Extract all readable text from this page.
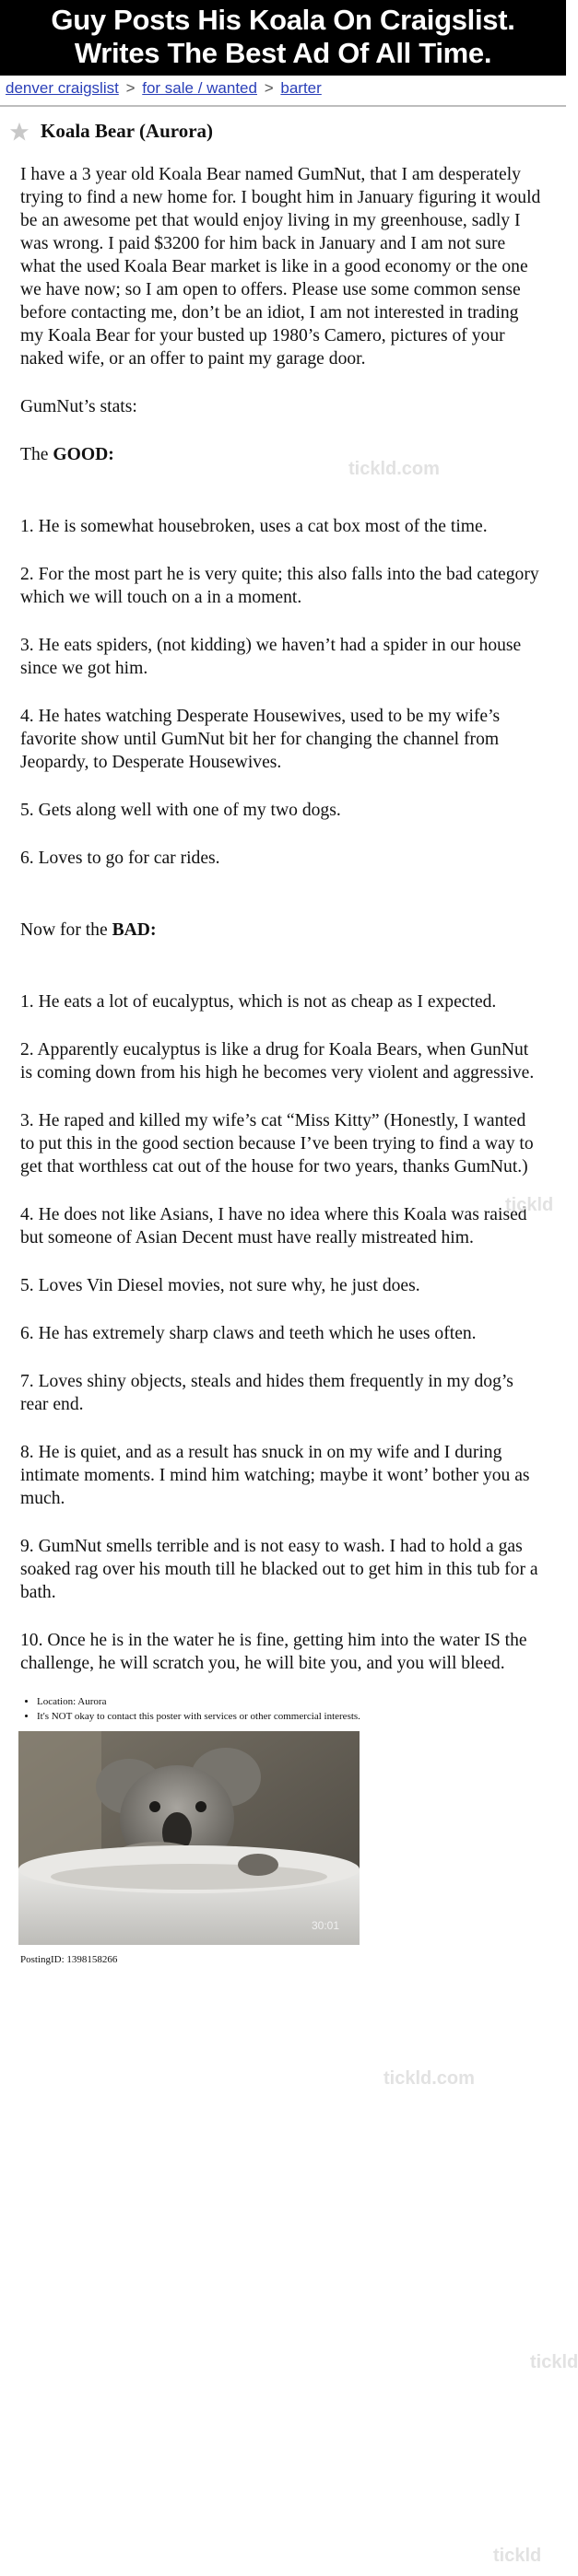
Guy Posts His Koala On Craigslist.
Writes The Best Ad Of All Time.
denver craigslist > for sale / wanted > barter
Koala Bear (Aurora)

I have a 3 year old Koala Bear named GumNut, that I am desperately trying to find a new home for. I bought him in January figuring it would be an awesome pet that would enjoy living in my greenhouse, sadly I was wrong. I paid $3200 for him back in January and I am not sure what the used Koala Bear market is like in a good economy or the one we have now; so I am open to offers. Please use some common sense before contacting me, don’t be an idiot, I am not interested in trading my Koala Bear for your busted up 1980’s Camero, pictures of your naked wife, or an offer to paint my garage door.

GumNut’s stats:

The GOOD:

1. He is somewhat housebroken, uses a cat box most of the time.

2. For the most part he is very quite; this also falls into the bad category which we will touch on a in a moment.

3. He eats spiders, (not kidding) we haven’t had a spider in our house since we got him.

4. He hates watching Desperate Housewives, used to be my wife’s favorite show until GumNut bit her for changing the channel from Jeopardy, to Desperate Housewives.

5. Gets along well with one of my two dogs.

6. Loves to go for car rides.

Now for the BAD:

1. He eats a lot of eucalyptus, which is not as cheap as I expected.

2. Apparently eucalyptus is like a drug for Koala Bears, when GunNut is coming down from his high he becomes very violent and aggressive.

3. He raped and killed my wife’s cat “Miss Kitty” (Honestly, I wanted to put this in the good section because I’ve been trying to find a way to get that worthless cat out of the house for two years, thanks GumNut.)

4. He does not like Asians, I have no idea where this Koala was raised but someone of Asian Decent must have really mistreated him.

5. Loves Vin Diesel movies, not sure why, he just does.

6. He has extremely sharp claws and teeth which he uses often.

7. Loves shiny objects, steals and hides them frequently in my dog’s rear end.

8. He is quiet, and as a result has snuck in on my wife and I during intimate moments. I mind him watching; maybe it wont’ bother you as much.

9. GumNut smells terrible and is not easy to wash. I had to hold a gas soaked rag over his mouth till he blacked out to get him in this tub for a bath.

10. Once he is in the water he is fine, getting him into the water IS the challenge, he will scratch you, he will bite you, and you will bleed.

• Location: Aurora
• It's NOT okay to contact this poster with services or other commercial interests.
30:01
PostingID: 1398158266
tickld.com
tickld
tickld.com
tickld
tickld
